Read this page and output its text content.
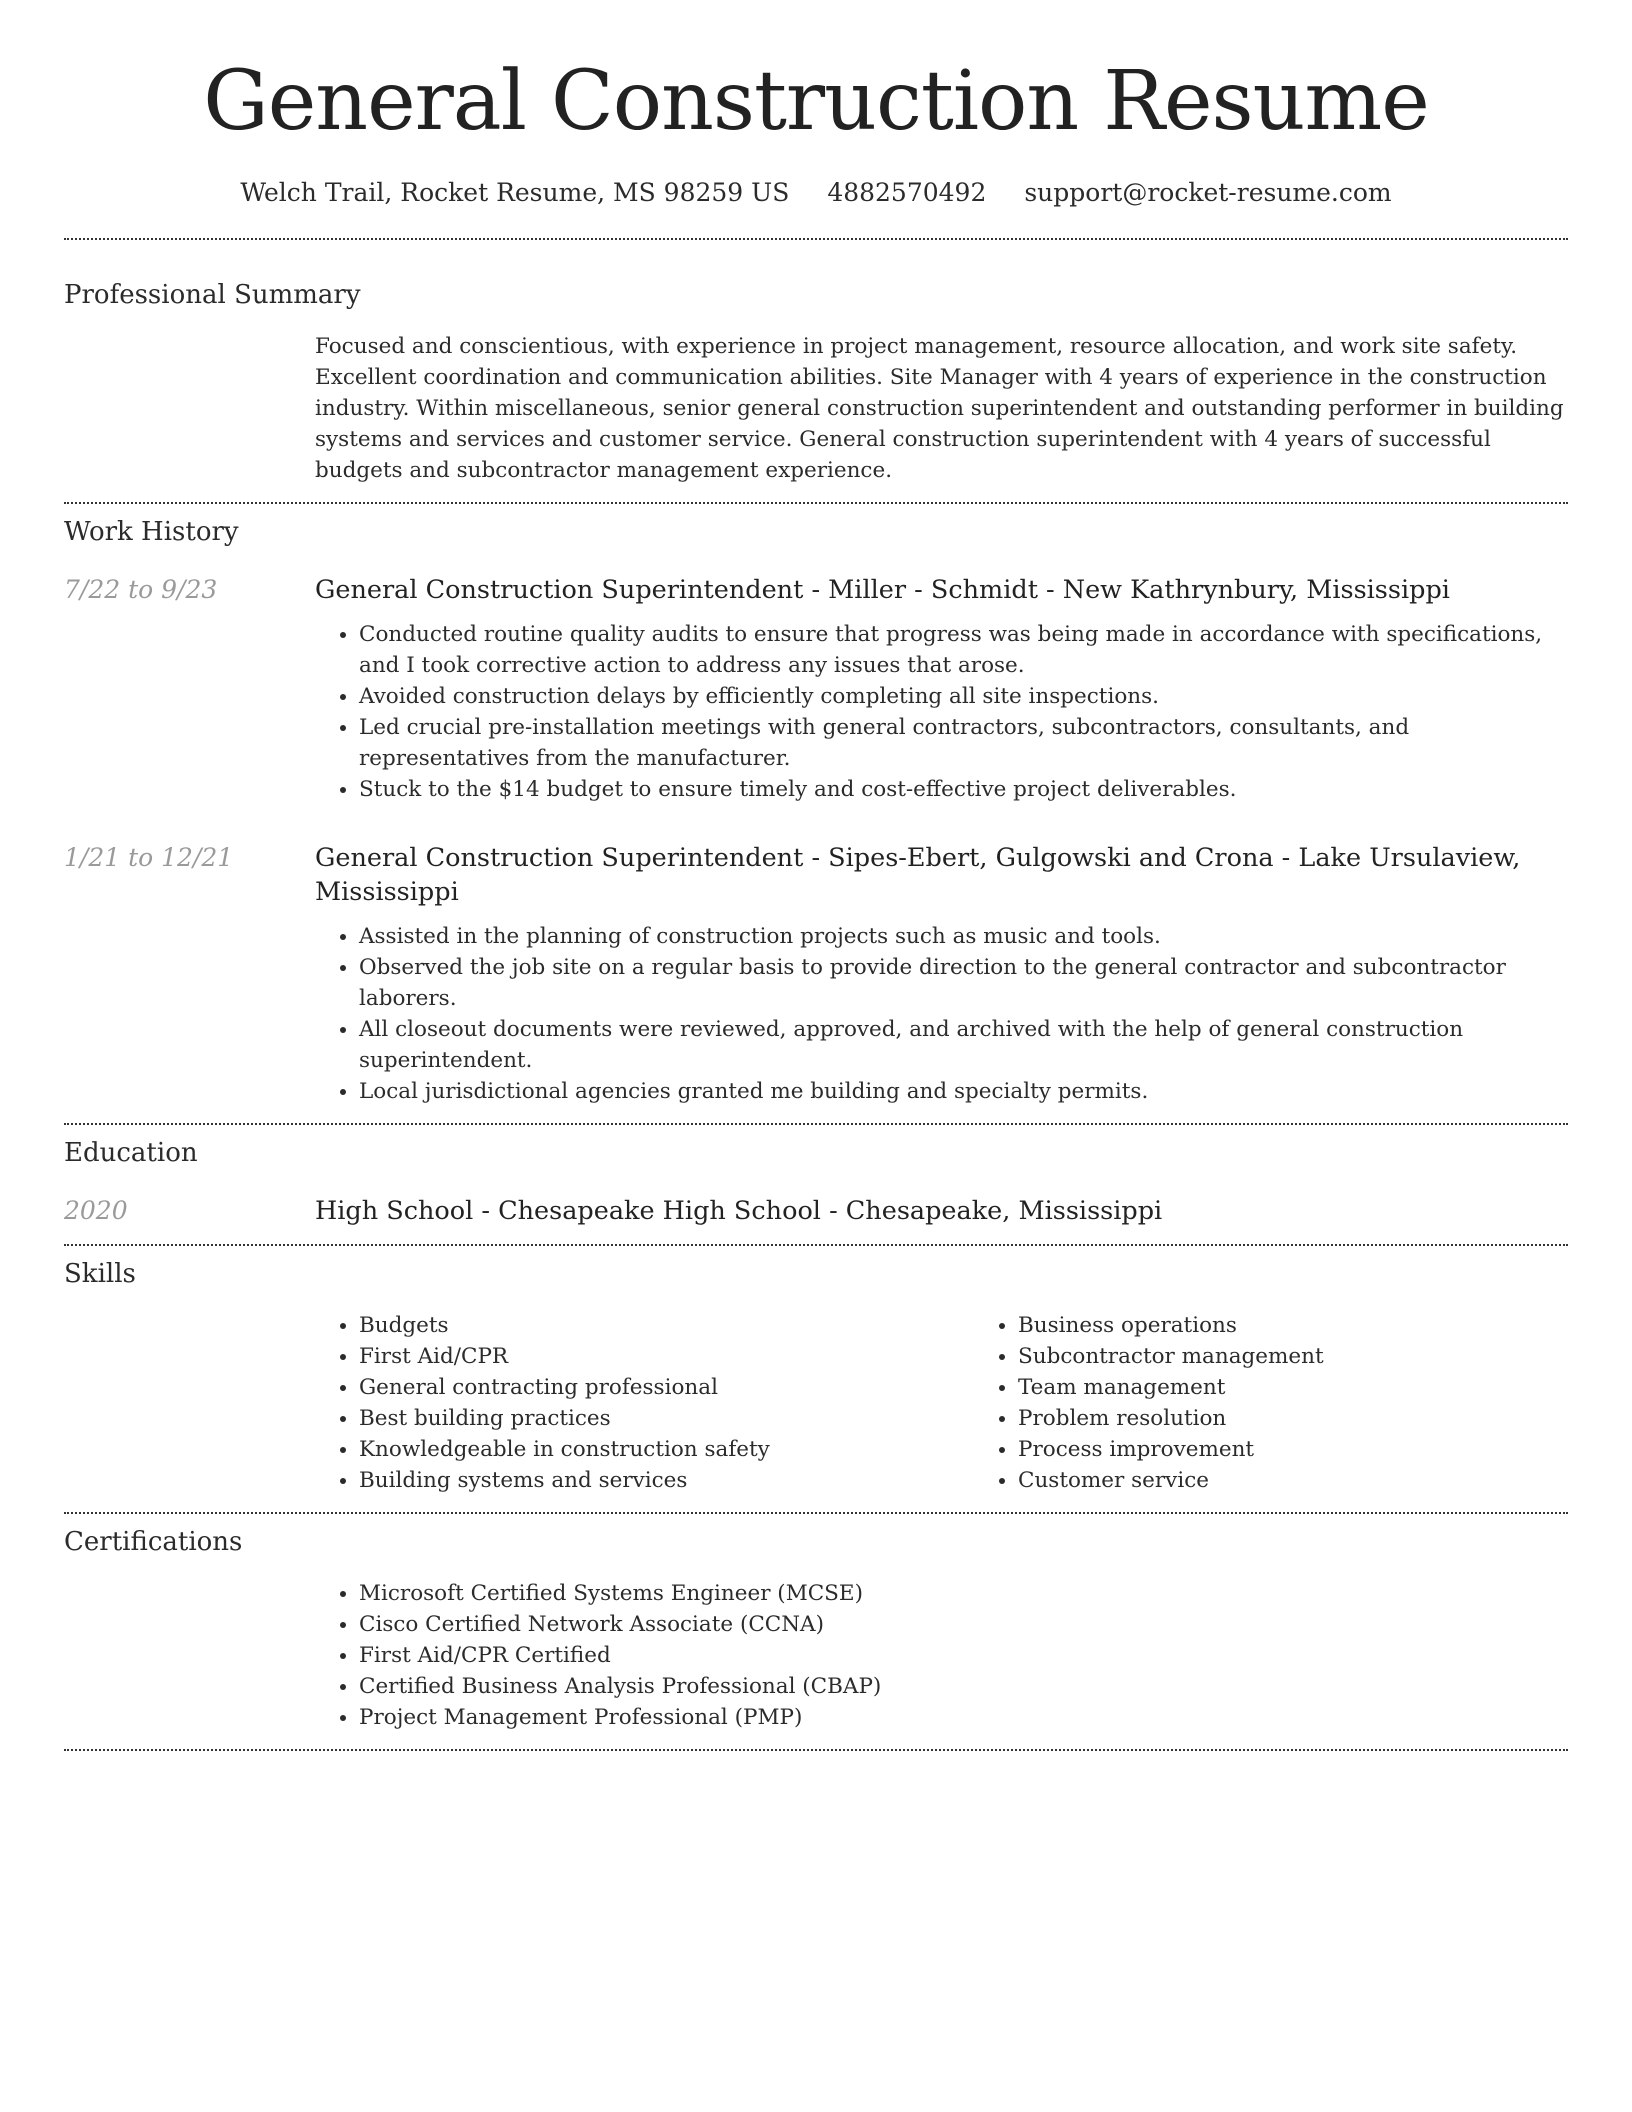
General Construction Resume
Welch Trail, Rocket Resume, MS 98259 US 4882570492 support@rocket-resume.com
Professional Summary
Focused and conscientious, with experience in project management, resource allocation, and work site safety. Excellent coordination and communication abilities. Site Manager with 4 years of experience in the construction industry. Within miscellaneous, senior general construction superintendent and outstanding performer in building systems and services and customer service. General construction superintendent with 4 years of successful budgets and subcontractor management experience.
Work History
7/22 to 9/23	General Construction Superintendent - Miller - Schmidt - New Kathrynbury, Mississippi
• Conducted routine quality audits to ensure that progress was being made in accordance with specifications, and I took corrective action to address any issues that arose.
• Avoided construction delays by efficiently completing all site inspections.
• Led crucial pre-installation meetings with general contractors, subcontractors, consultants, and representatives from the manufacturer.
• Stuck to the $14 budget to ensure timely and cost-effective project deliverables.
1/21 to 12/21	General Construction Superintendent - Sipes-Ebert, Gulgowski and Crona - Lake Ursulaview, Mississippi
• Assisted in the planning of construction projects such as music and tools.
• Observed the job site on a regular basis to provide direction to the general contractor and subcontractor laborers.
• All closeout documents were reviewed, approved, and archived with the help of general construction superintendent.
• Local jurisdictional agencies granted me building and specialty permits.
Education
2020	High School - Chesapeake High School - Chesapeake, Mississippi
Skills
• Budgets
• First Aid/CPR
• General contracting professional
• Best building practices
• Knowledgeable in construction safety
• Building systems and services
• Business operations
• Subcontractor management
• Team management
• Problem resolution
• Process improvement
• Customer service
Certifications
• Microsoft Certified Systems Engineer (MCSE)
• Cisco Certified Network Associate (CCNA)
• First Aid/CPR Certified
• Certified Business Analysis Professional (CBAP)
• Project Management Professional (PMP)
